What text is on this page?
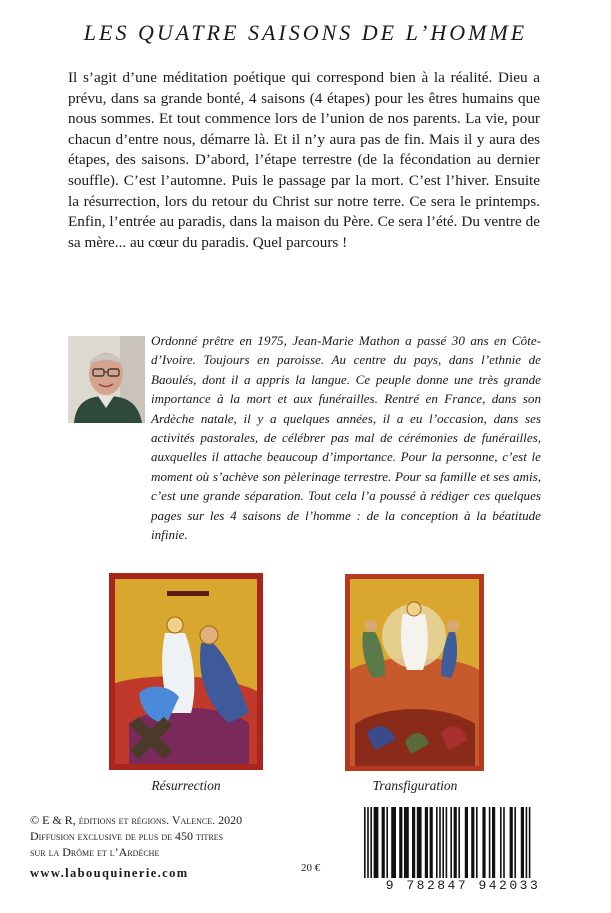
LES QUATRE SAISONS DE L’HOMME

Il s’agit d’une méditation poétique qui correspond bien à la réalité. Dieu a prévu, dans sa grande bonté, 4 saisons (4 étapes) pour les êtres humains que nous sommes. Et tout commence lors de l’union de nos parents. La vie, pour chacun d’entre nous, démarre là. Et il n’y aura pas de fin. Mais il y aura des étapes, des saisons. D’abord, l’étape terrestre (de la fécondation au dernier souffle). C’est l’automne. Puis le passage par la mort. C’est l’hiver. Ensuite la résurrection, lors du retour du Christ sur notre terre. Ce sera le printemps. Enfin, l’entrée au paradis, dans la maison du Père. Ce sera l’été. Du ventre de sa mère... au cœur du paradis. Quel parcours !

Ordonné prêtre en 1975, Jean-Marie Mathon a passé 30 ans en Côte-d’Ivoire. Toujours en paroisse. Au centre du pays, dans l’ethnie de Baoulés, dont il a appris la langue. Ce peuple donne une très grande importance à la mort et aux funérailles. Rentré en France, dans son Ardèche natale, il y a quelques années, il a eu l’occasion, dans ses activités pastorales, de célébrer pas mal de cérémonies de funérailles, auxquelles il attache beaucoup d’importance. Pour la personne, c’est le moment où s’achève son pèlerinage terrestre. Pour sa famille et ses amis, c’est une grande séparation. Tout cela l’a poussé à rédiger ces quelques pages sur les 4 saisons de l’homme : de la conception à la béatitude infinie.

Résurrection	Transfiguration
© E & R, éditions et régions. Valence. 2020
Diffusion exclusive de plus de 450 titres
sur la Drôme et l’Ardèche
www.labouquinerie.com	20 €
9 782847 942033
